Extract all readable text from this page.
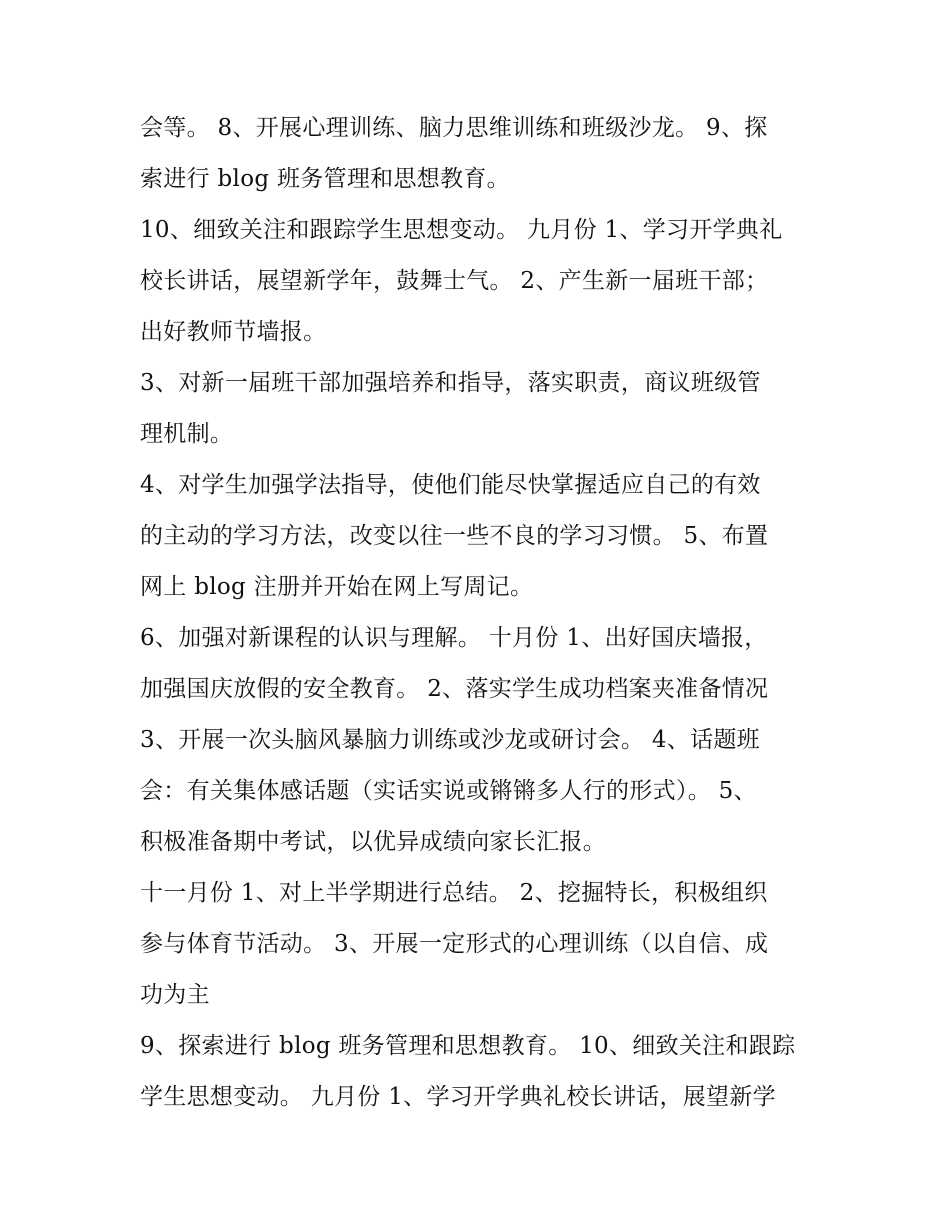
会等。 8、开展心理训练、脑力思维训练和班级沙龙。 9、探
索进行 blog 班务管理和思想教育。
10、细致关注和跟踪学生思想变动。 九月份 1、学习开学典礼
校长讲话，展望新学年，鼓舞士气。 2、产生新一届班干部；
出好教师节墙报。
3、对新一届班干部加强培养和指导，落实职责，商议班级管
理机制。
4、对学生加强学法指导，使他们能尽快掌握适应自己的有效
的主动的学习方法，改变以往一些不良的学习习惯。 5、布置
网上 blog 注册并开始在网上写周记。
6、加强对新课程的认识与理解。 十月份 1、出好国庆墙报，
加强国庆放假的安全教育。 2、落实学生成功档案夹准备情况
3、开展一次头脑风暴脑力训练或沙龙或研讨会。 4、话题班
会：有关集体感话题（实话实说或锵锵多人行的形式）。 5、
积极准备期中考试，以优异成绩向家长汇报。
十一月份 1、对上半学期进行总结。 2、挖掘特长，积极组织
参与体育节活动。 3、开展一定形式的心理训练（以自信、成
功为主
9、探索进行 blog 班务管理和思想教育。 10、细致关注和跟踪
学生思想变动。 九月份 1、学习开学典礼校长讲话，展望新学
